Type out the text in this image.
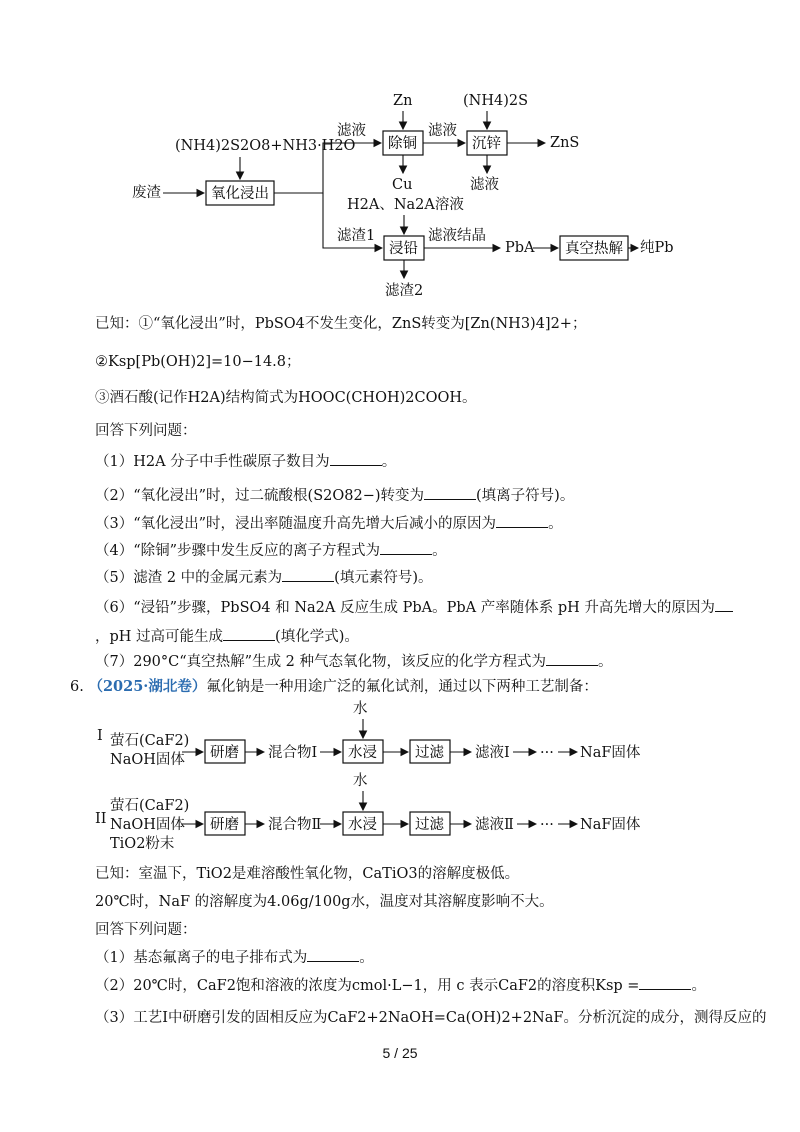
(NH4)2S2O8+NH3·H2O
废渣
滤液
Zn
Cu
滤液
(NH4)2S
ZnS
滤液
滤渣1
H2A、Na2A溶液
滤液结晶
PbA	纯Pb
滤渣2
氧化浸出
除铜	沉锌
浸铅	真空热解
已知：①“氧化浸出”时，PbSO4不发生变化，ZnS转变为[Zn(NH3)4]2+；
②Ksp[Pb(OH)2]=10−14.8；
③酒石酸(记作H2A)结构简式为HOOC(CHOH)2COOH。
回答下列问题：
（1）H2A 分子中手性碳原子数目为	。
（2）“氧化浸出”时，过二硫酸根(S2O82−)转变为	(填离子符号)。
（3）“氧化浸出”时，浸出率随温度升高先增大后减小的原因为	。
（4）“除铜”步骤中发生反应的离子方程式为	。
（5）滤渣 2 中的金属元素为	(填元素符号)。
（6）“浸铅”步骤，PbSO4 和 Na2A 反应生成 PbA。PbA 产率随体系 pH 升高先增大的原因为
，pH 过高可能生成	(填化学式)。
（7）290°C“真空热解”生成 2 种气态氧化物，该反应的化学方程式为	。
6. （2025·湖北卷）氟化钠是一种用途广泛的氟化试剂，通过以下两种工艺制备：
I 萤石(CaF2)
NaOH固体	混合物Ⅰ
水
滤液Ⅰ ··· NaF固体
II
萤石(CaF2)
NaOH固体
TiO2粉末
混合物Ⅱ
水
滤液Ⅱ ··· NaF固体
研磨	水浸	过滤
研磨	水浸	过滤
已知：室温下，TiO2是难溶酸性氧化物，CaTiO3的溶解度极低。
20℃时，NaF 的溶解度为4.06g/100g水，温度对其溶解度影响不大。
回答下列问题：
（1）基态氟离子的电子排布式为	。
（2）20℃时，CaF2饱和溶液的浓度为cmol·L−1，用 c 表示CaF2的溶度积Ksp =	。
（3）工艺Ⅰ中研磨引发的固相反应为CaF2+2NaOH=Ca(OH)2+2NaF。分析沉淀的成分，测得反应的
5 / 25
